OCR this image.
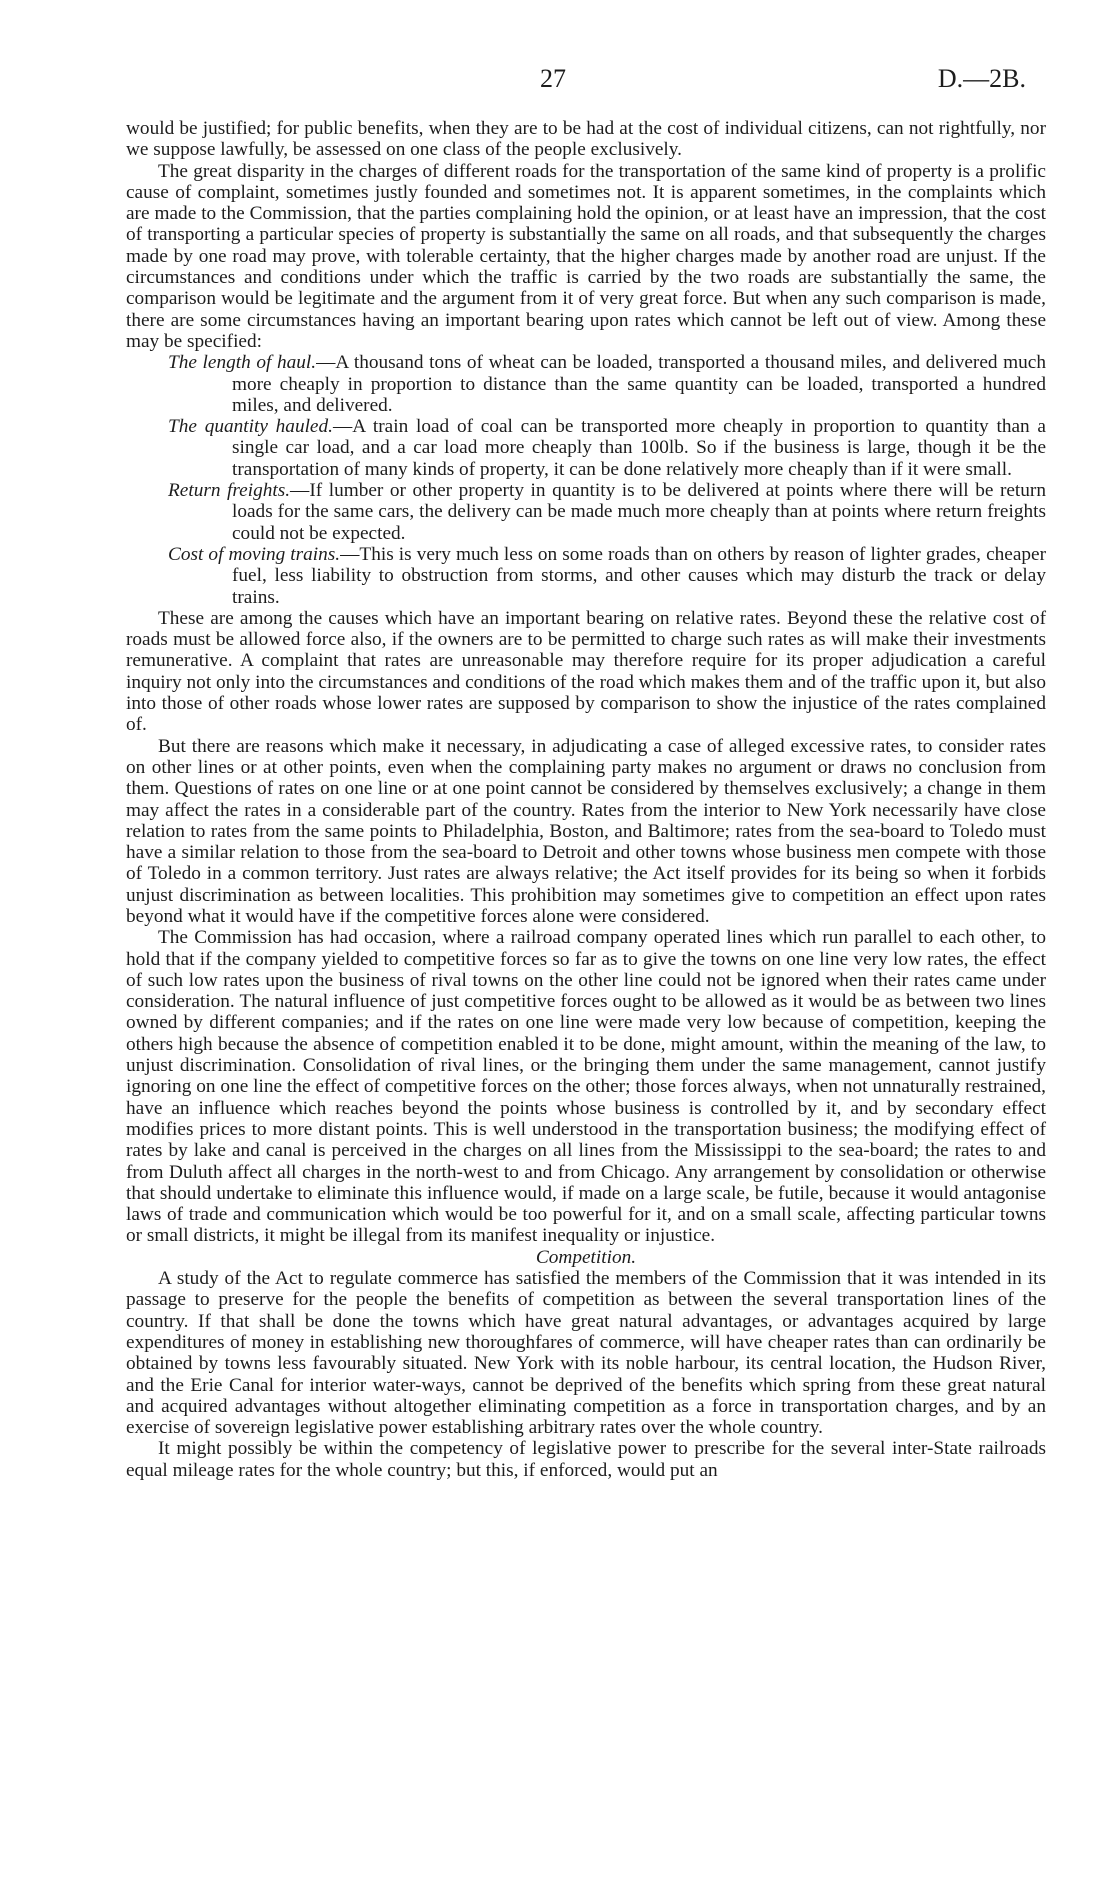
27	D.—2B.

would be justified; for public benefits, when they are to be had at the cost of individual citizens, can not rightfully, nor we suppose lawfully, be assessed on one class of the people exclusively.

The great disparity in the charges of different roads for the transportation of the same kind of property is a prolific cause of complaint, sometimes justly founded and sometimes not. It is apparent sometimes, in the complaints which are made to the Commission, that the parties complaining hold the opinion, or at least have an impression, that the cost of transporting a particular species of property is substantially the same on all roads, and that subsequently the charges made by one road may prove, with tolerable certainty, that the higher charges made by another road are unjust. If the circumstances and conditions under which the traffic is carried by the two roads are substantially the same, the comparison would be legitimate and the argument from it of very great force. But when any such comparison is made, there are some circumstances having an important bearing upon rates which cannot be left out of view. Among these may be specified:

The length of haul.—A thousand tons of wheat can be loaded, transported a thousand miles, and delivered much more cheaply in proportion to distance than the same quantity can be loaded, transported a hundred miles, and delivered.

The quantity hauled.—A train load of coal can be transported more cheaply in proportion to quantity than a single car load, and a car load more cheaply than 100lb. So if the business is large, though it be the transportation of many kinds of property, it can be done relatively more cheaply than if it were small.

Return freights.—If lumber or other property in quantity is to be delivered at points where there will be return loads for the same cars, the delivery can be made much more cheaply than at points where return freights could not be expected.

Cost of moving trains.—This is very much less on some roads than on others by reason of lighter grades, cheaper fuel, less liability to obstruction from storms, and other causes which may disturb the track or delay trains.

These are among the causes which have an important bearing on relative rates. Beyond these the relative cost of roads must be allowed force also, if the owners are to be permitted to charge such rates as will make their investments remunerative. A complaint that rates are unreasonable may therefore require for its proper adjudication a careful inquiry not only into the circumstances and conditions of the road which makes them and of the traffic upon it, but also into those of other roads whose lower rates are supposed by comparison to show the injustice of the rates complained of.

But there are reasons which make it necessary, in adjudicating a case of alleged excessive rates, to consider rates on other lines or at other points, even when the complaining party makes no argument or draws no conclusion from them. Questions of rates on one line or at one point cannot be considered by themselves exclusively; a change in them may affect the rates in a considerable part of the country. Rates from the interior to New York necessarily have close relation to rates from the same points to Philadelphia, Boston, and Baltimore; rates from the sea-board to Toledo must have a similar relation to those from the sea-board to Detroit and other towns whose business men compete with those of Toledo in a common territory. Just rates are always relative; the Act itself provides for its being so when it forbids unjust discrimination as between localities. This prohibition may sometimes give to competition an effect upon rates beyond what it would have if the competitive forces alone were considered.

The Commission has had occasion, where a railroad company operated lines which run parallel to each other, to hold that if the company yielded to competitive forces so far as to give the towns on one line very low rates, the effect of such low rates upon the business of rival towns on the other line could not be ignored when their rates came under consideration. The natural influence of just competitive forces ought to be allowed as it would be as between two lines owned by different companies; and if the rates on one line were made very low because of competition, keeping the others high because the absence of competition enabled it to be done, might amount, within the meaning of the law, to unjust discrimination. Consolidation of rival lines, or the bringing them under the same management, cannot justify ignoring on one line the effect of competitive forces on the other; those forces always, when not unnaturally restrained, have an influence which reaches beyond the points whose business is controlled by it, and by secondary effect modifies prices to more distant points. This is well understood in the transportation business; the modifying effect of rates by lake and canal is perceived in the charges on all lines from the Mississippi to the sea-board; the rates to and from Duluth affect all charges in the north-west to and from Chicago. Any arrangement by consolidation or otherwise that should undertake to eliminate this influence would, if made on a large scale, be futile, because it would antagonise laws of trade and communication which would be too powerful for it, and on a small scale, affecting particular towns or small districts, it might be illegal from its manifest inequality or injustice.

Competition.

A study of the Act to regulate commerce has satisfied the members of the Commission that it was intended in its passage to preserve for the people the benefits of competition as between the several transportation lines of the country. If that shall be done the towns which have great natural advantages, or advantages acquired by large expenditures of money in establishing new thoroughfares of commerce, will have cheaper rates than can ordinarily be obtained by towns less favourably situated. New York with its noble harbour, its central location, the Hudson River, and the Erie Canal for interior water-ways, cannot be deprived of the benefits which spring from these great natural and acquired advantages without altogether eliminating competition as a force in transportation charges, and by an exercise of sovereign legislative power establishing arbitrary rates over the whole country.

It might possibly be within the competency of legislative power to prescribe for the several inter-State railroads equal mileage rates for the whole country; but this, if enforced, would put an
